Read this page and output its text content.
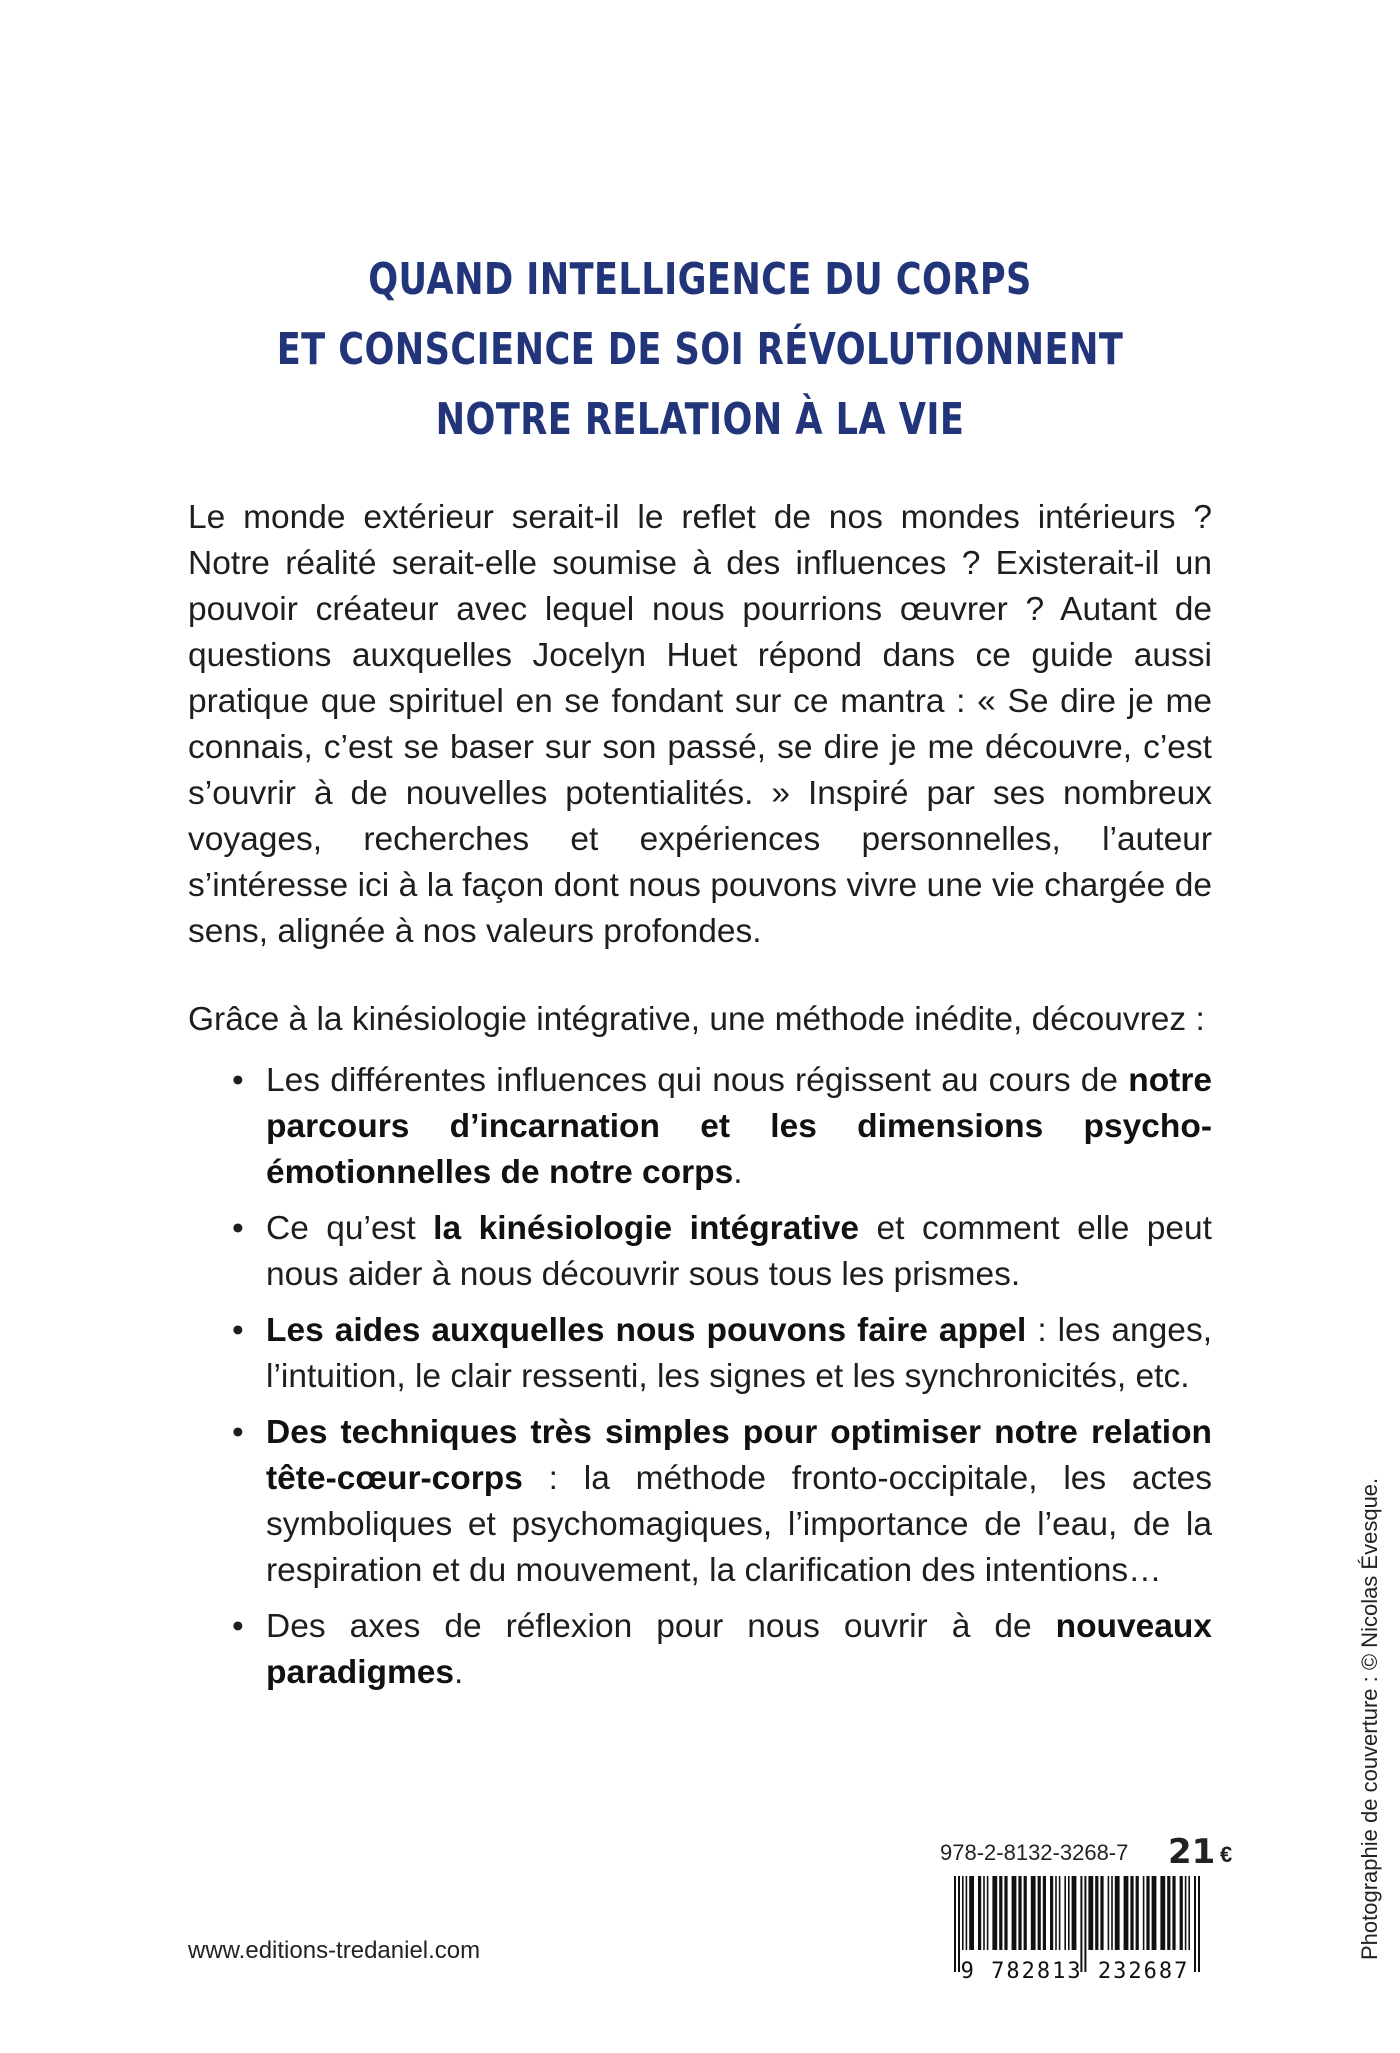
QUAND INTELLIGENCE DU CORPS
ET CONSCIENCE DE SOI RÉVOLUTIONNENT
NOTRE RELATION À LA VIE

Le monde extérieur serait-il le reflet de nos mondes intérieurs ? Notre réalité serait-elle soumise à des influences ? Existerait-il un pouvoir créateur avec lequel nous pourrions œuvrer ? Autant de questions auxquelles Jocelyn Huet répond dans ce guide aussi pratique que spirituel en se fondant sur ce mantra : « Se dire je me connais, c’est se baser sur son passé, se dire je me découvre, c’est s’ouvrir à de nouvelles potentialités. » Inspiré par ses nombreux voyages, recherches et expériences personnelles, l’auteur s’intéresse ici à la façon dont nous pouvons vivre une vie chargée de sens, alignée à nos valeurs profondes.

Grâce à la kinésiologie intégrative, une méthode inédite, découvrez :

• Les différentes influences qui nous régissent au cours de notre parcours d’incarnation et les dimensions psycho-émotionnelles de notre corps.
• Ce qu’est la kinésiologie intégrative et comment elle peut nous aider à nous découvrir sous tous les prismes.
• Les aides auxquelles nous pouvons faire appel : les anges, l’intuition, le clair ressenti, les signes et les synchronicités, etc.
• Des techniques très simples pour optimiser notre relation tête-cœur-corps : la méthode fronto-occipitale, les actes symboliques et psychomagiques, l’importance de l’eau, de la respiration et du mouvement, la clarification des intentions…
• Des axes de réflexion pour nous ouvrir à de nouveaux paradigmes.	Photographie de couverture : © Nicolas Évesque.
978-2-8132-3268-7 21 €
9 782813 232687
www.editions-tredaniel.com
